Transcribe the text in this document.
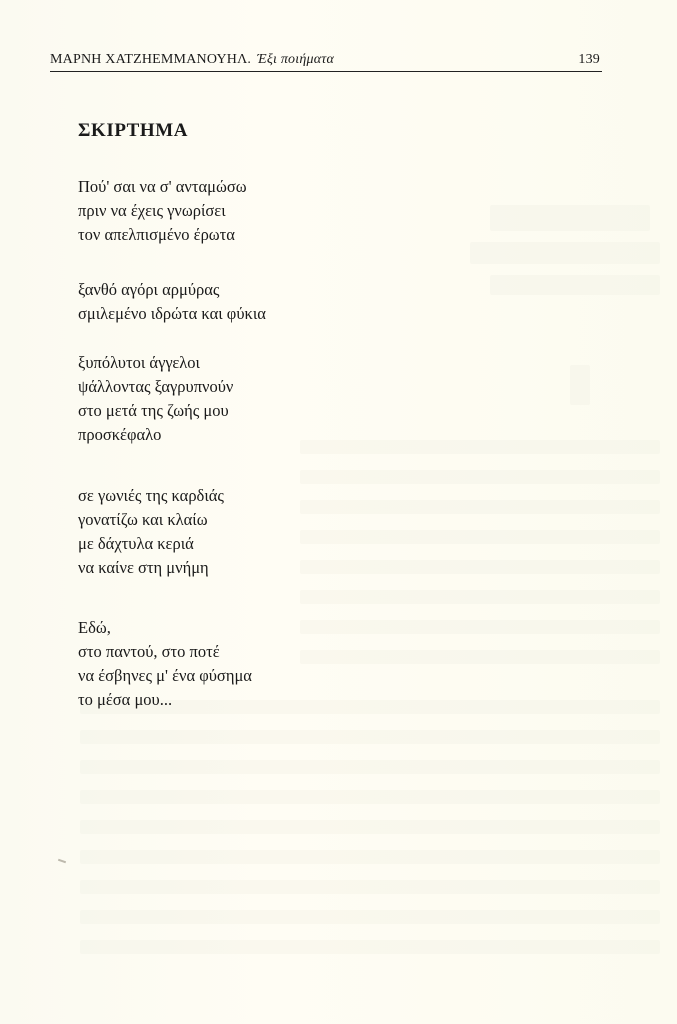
ΜΑΡΝΗ ΧΑΤΖΗΕΜΜΑΝΟΥΗΛ. Έξι ποιήματα	139
ΣΚΙΡΤΗΜΑ
Πού' σαι να σ' ανταμώσω
πριν να έχεις γνωρίσει
τον απελπισμένο έρωτα
ξανθό αγόρι αρμύρας
σμιλεμένο ιδρώτα και φύκια
ξυπόλυτοι άγγελοι
ψάλλοντας ξαγρυπνούν
στο μετά της ζωής μου
προσκέφαλο
σε γωνιές της καρδιάς
γονατίζω και κλαίω
με δάχτυλα κεριά
να καίνε στη μνήμη
Εδώ,
στο παντού, στο ποτέ
να έσβηνες μ' ένα φύσημα
το μέσα μου...
